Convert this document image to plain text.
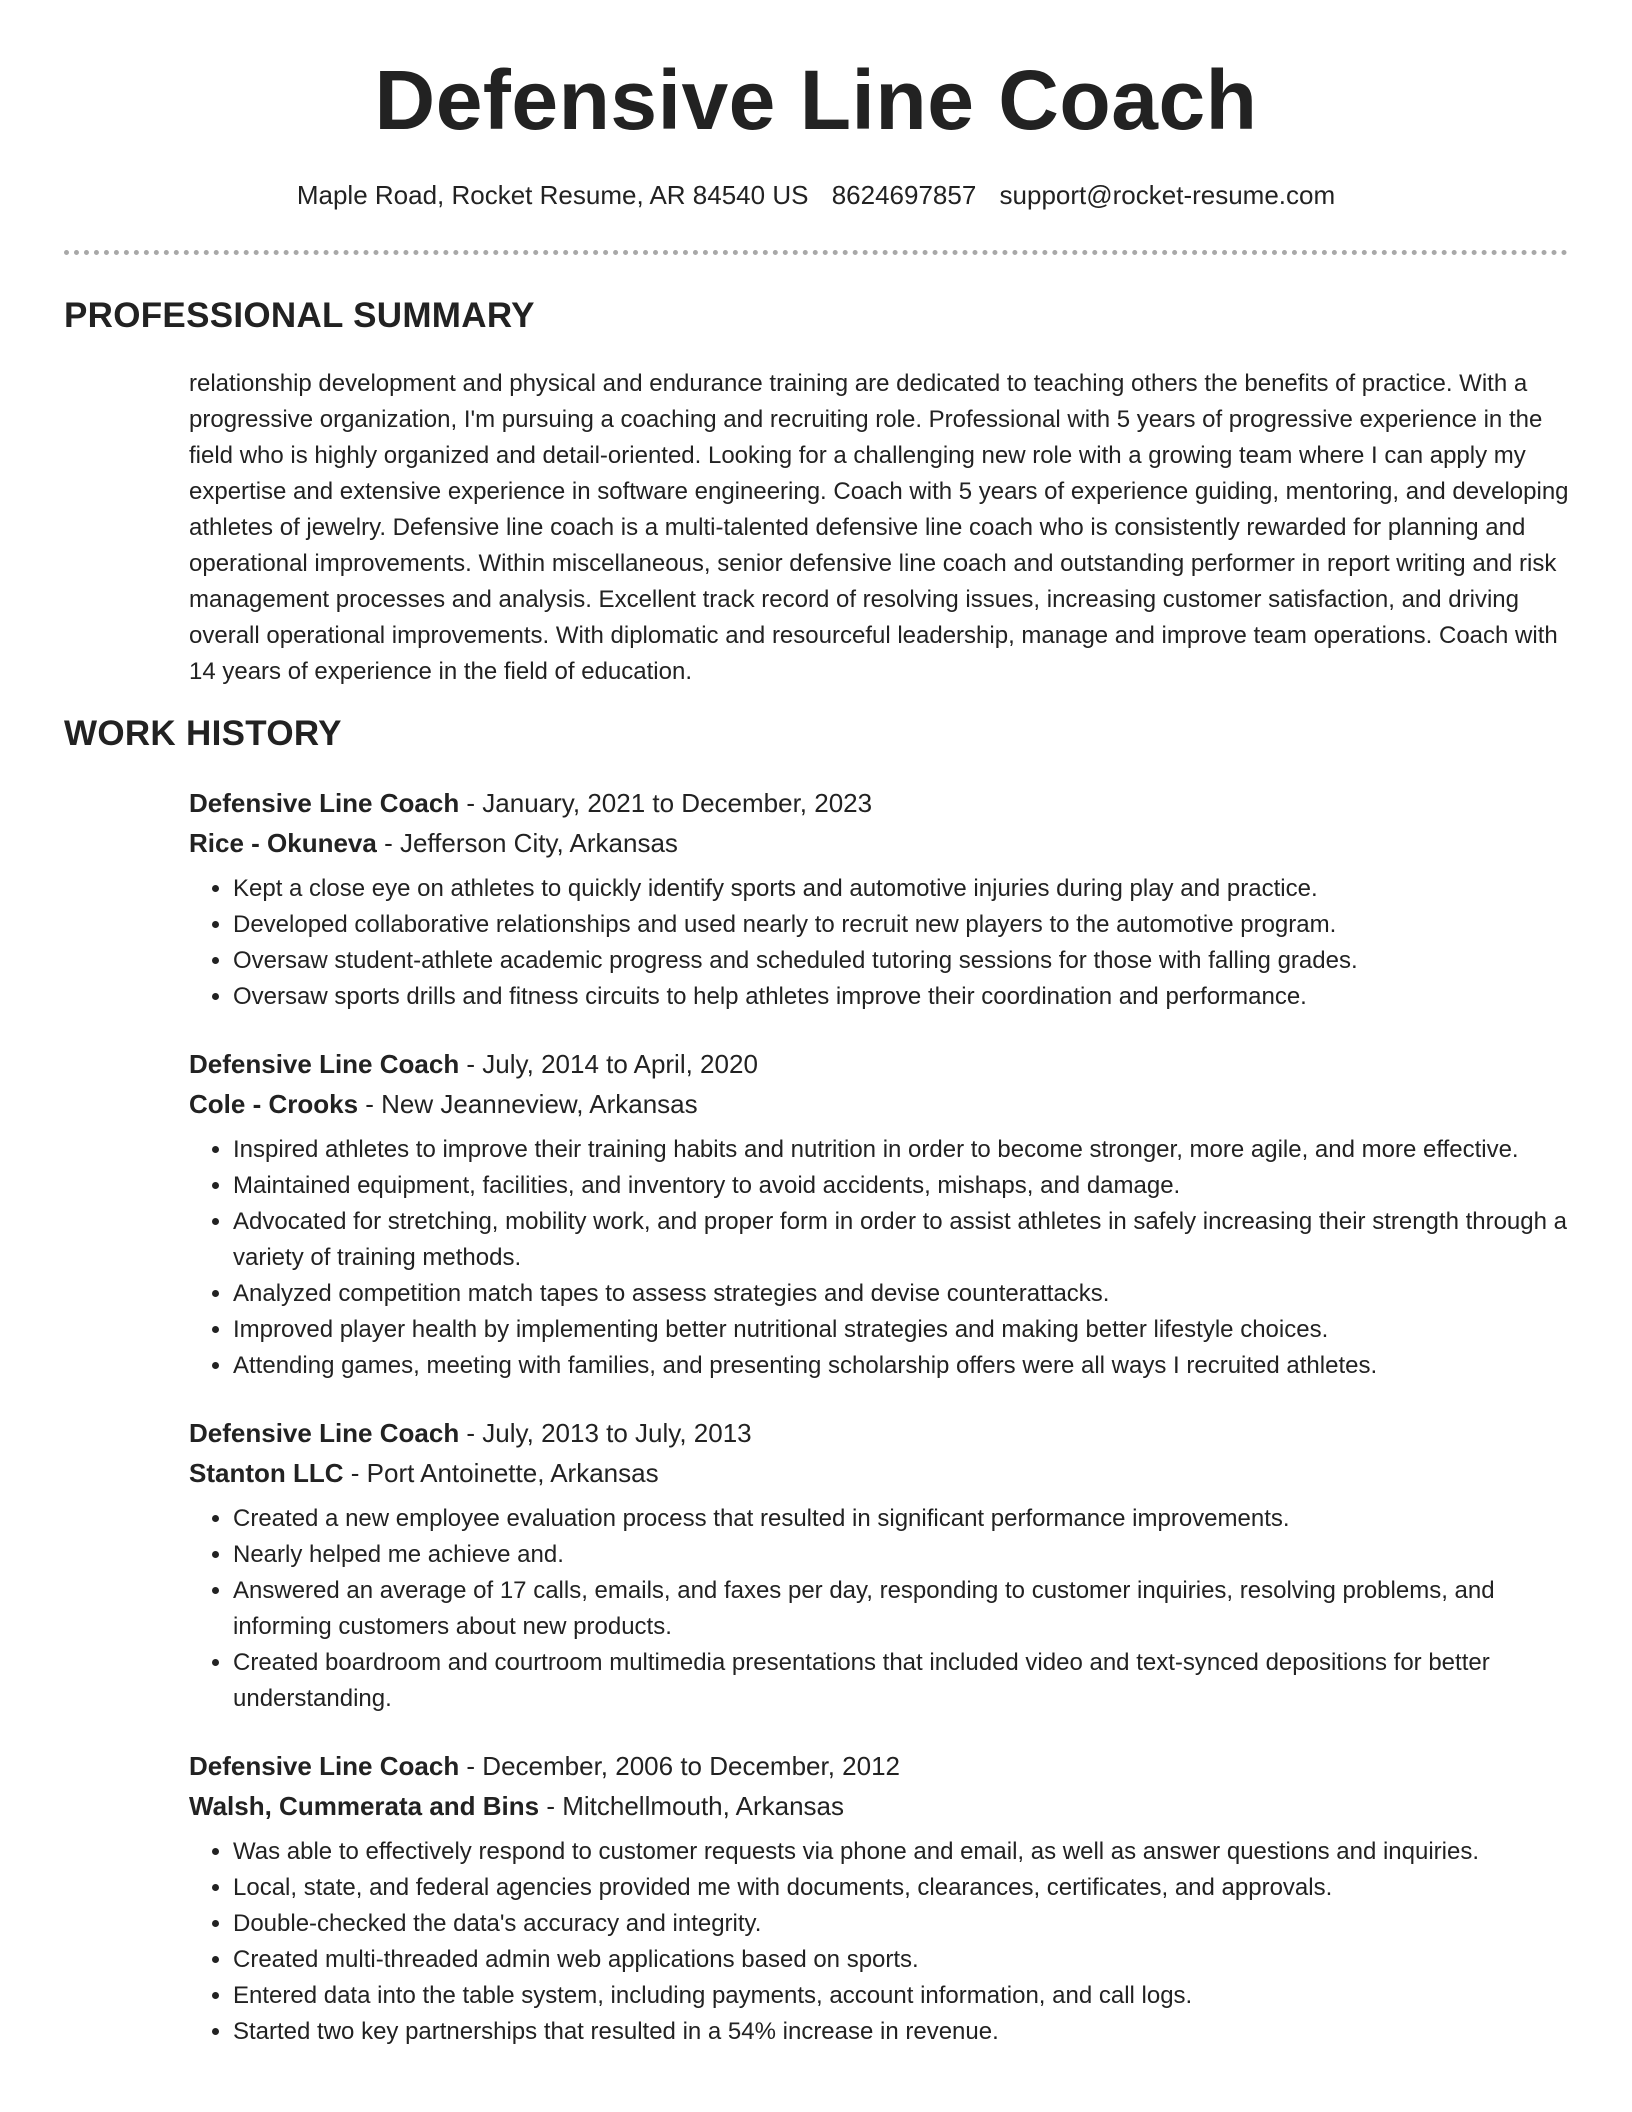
Defensive Line Coach
Maple Road, Rocket Resume, AR 84540 US 8624697857 support@rocket-resume.com
PROFESSIONAL SUMMARY

relationship development and physical and endurance training are dedicated to teaching others the benefits of practice. With a progressive organization, I'm pursuing a coaching and recruiting role. Professional with 5 years of progressive experience in the field who is highly organized and detail-oriented. Looking for a challenging new role with a growing team where I can apply my expertise and extensive experience in software engineering. Coach with 5 years of experience guiding, mentoring, and developing athletes of jewelry. Defensive line coach is a multi-talented defensive line coach who is consistently rewarded for planning and operational improvements. Within miscellaneous, senior defensive line coach and outstanding performer in report writing and risk management processes and analysis. Excellent track record of resolving issues, increasing customer satisfaction, and driving overall operational improvements. With diplomatic and resourceful leadership, manage and improve team operations. Coach with 14 years of experience in the field of education.

WORK HISTORY
Defensive Line Coach - January, 2021 to December, 2023
Rice - Okuneva - Jefferson City, Arkansas
• Kept a close eye on athletes to quickly identify sports and automotive injuries during play and practice.
• Developed collaborative relationships and used nearly to recruit new players to the automotive program.
• Oversaw student-athlete academic progress and scheduled tutoring sessions for those with falling grades.
• Oversaw sports drills and fitness circuits to help athletes improve their coordination and performance.
Defensive Line Coach - July, 2014 to April, 2020
Cole - Crooks - New Jeanneview, Arkansas
• Inspired athletes to improve their training habits and nutrition in order to become stronger, more agile, and more effective.
• Maintained equipment, facilities, and inventory to avoid accidents, mishaps, and damage.
• Advocated for stretching, mobility work, and proper form in order to assist athletes in safely increasing their strength through a variety of training methods.
• Analyzed competition match tapes to assess strategies and devise counterattacks.
• Improved player health by implementing better nutritional strategies and making better lifestyle choices.
• Attending games, meeting with families, and presenting scholarship offers were all ways I recruited athletes.
Defensive Line Coach - July, 2013 to July, 2013
Stanton LLC - Port Antoinette, Arkansas
• Created a new employee evaluation process that resulted in significant performance improvements.
• Nearly helped me achieve and.
• Answered an average of 17 calls, emails, and faxes per day, responding to customer inquiries, resolving problems, and informing customers about new products.
• Created boardroom and courtroom multimedia presentations that included video and text-synced depositions for better understanding.
Defensive Line Coach - December, 2006 to December, 2012
Walsh, Cummerata and Bins - Mitchellmouth, Arkansas
• Was able to effectively respond to customer requests via phone and email, as well as answer questions and inquiries.
• Local, state, and federal agencies provided me with documents, clearances, certificates, and approvals.
• Double-checked the data's accuracy and integrity.
• Created multi-threaded admin web applications based on sports.
• Entered data into the table system, including payments, account information, and call logs.
• Started two key partnerships that resulted in a 54% increase in revenue.
